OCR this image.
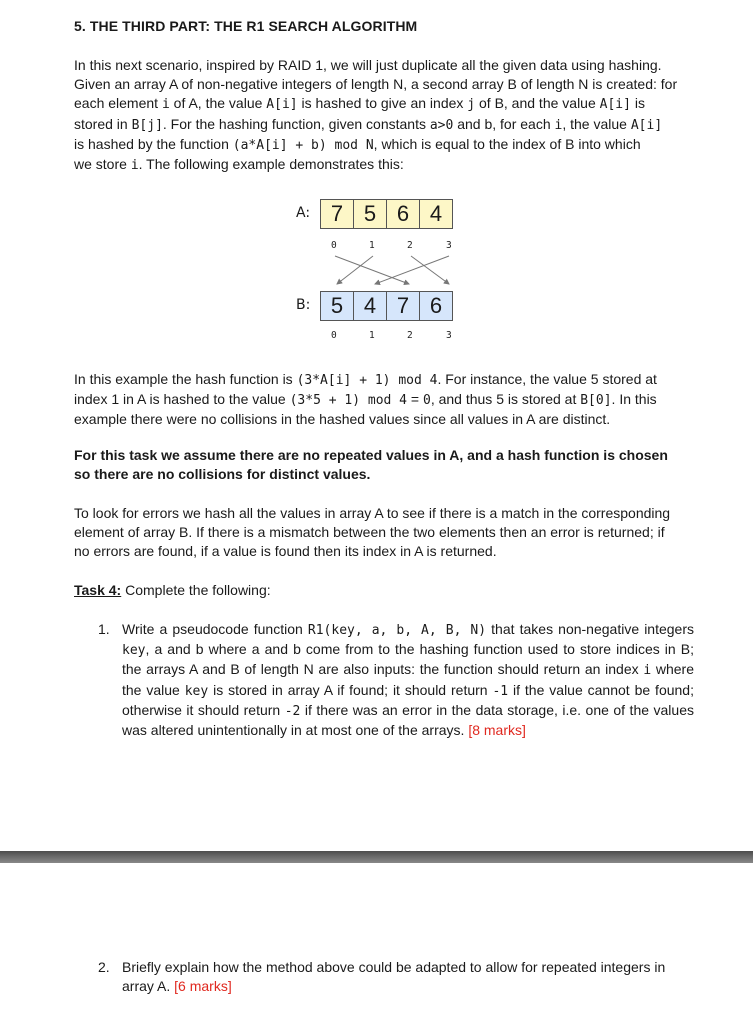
5. THE THIRD PART: THE R1 SEARCH ALGORITHM
In this next scenario, inspired by RAID 1, we will just duplicate all the given data using hashing.
Given an array A of non-negative integers of length N, a second array B of length N is created: for
each element i of A, the value A[i] is hashed to give an index j of B, and the value A[i] is
stored in B[j]. For the hashing function, given constants a>0 and b, for each i, the value A[i]
is hashed by the function (a*A[i] + b) mod N, which is equal to the index of B into which
we store i. The following example demonstrates this:
A: 7 5 6 4
0	1	2	3
B: 5 4 7 6
0	1	2	3
In this example the hash function is (3*A[i] + 1) mod 4. For instance, the value 5 stored at
index 1 in A is hashed to the value (3*5 + 1) mod 4 = 0, and thus 5 is stored at B[0]. In this
example there were no collisions in the hashed values since all values in A are distinct.
For this task we assume there are no repeated values in A, and a hash function is chosen so there are no collisions for distinct values.
To look for errors we hash all the values in array A to see if there is a match in the corresponding element of array B. If there is a mismatch between the two elements then an error is returned; if no errors are found, if a value is found then its index in A is returned.
Task 4: Complete the following:
1. Write a pseudocode function R1(key, a, b, A, B, N) that takes non-negative integers key, a and b where a and b come from to the hashing function used to store indices in B; the arrays A and B of length N are also inputs: the function should return an index i where the value key is stored in array A if found; it should return -1 if the value cannot be found; otherwise it should return -2 if there was an error in the data storage, i.e. one of the values was altered unintentionally in at most one of the arrays. [8 marks]
2. Briefly explain how the method above could be adapted to allow for repeated integers in array A. [6 marks]
